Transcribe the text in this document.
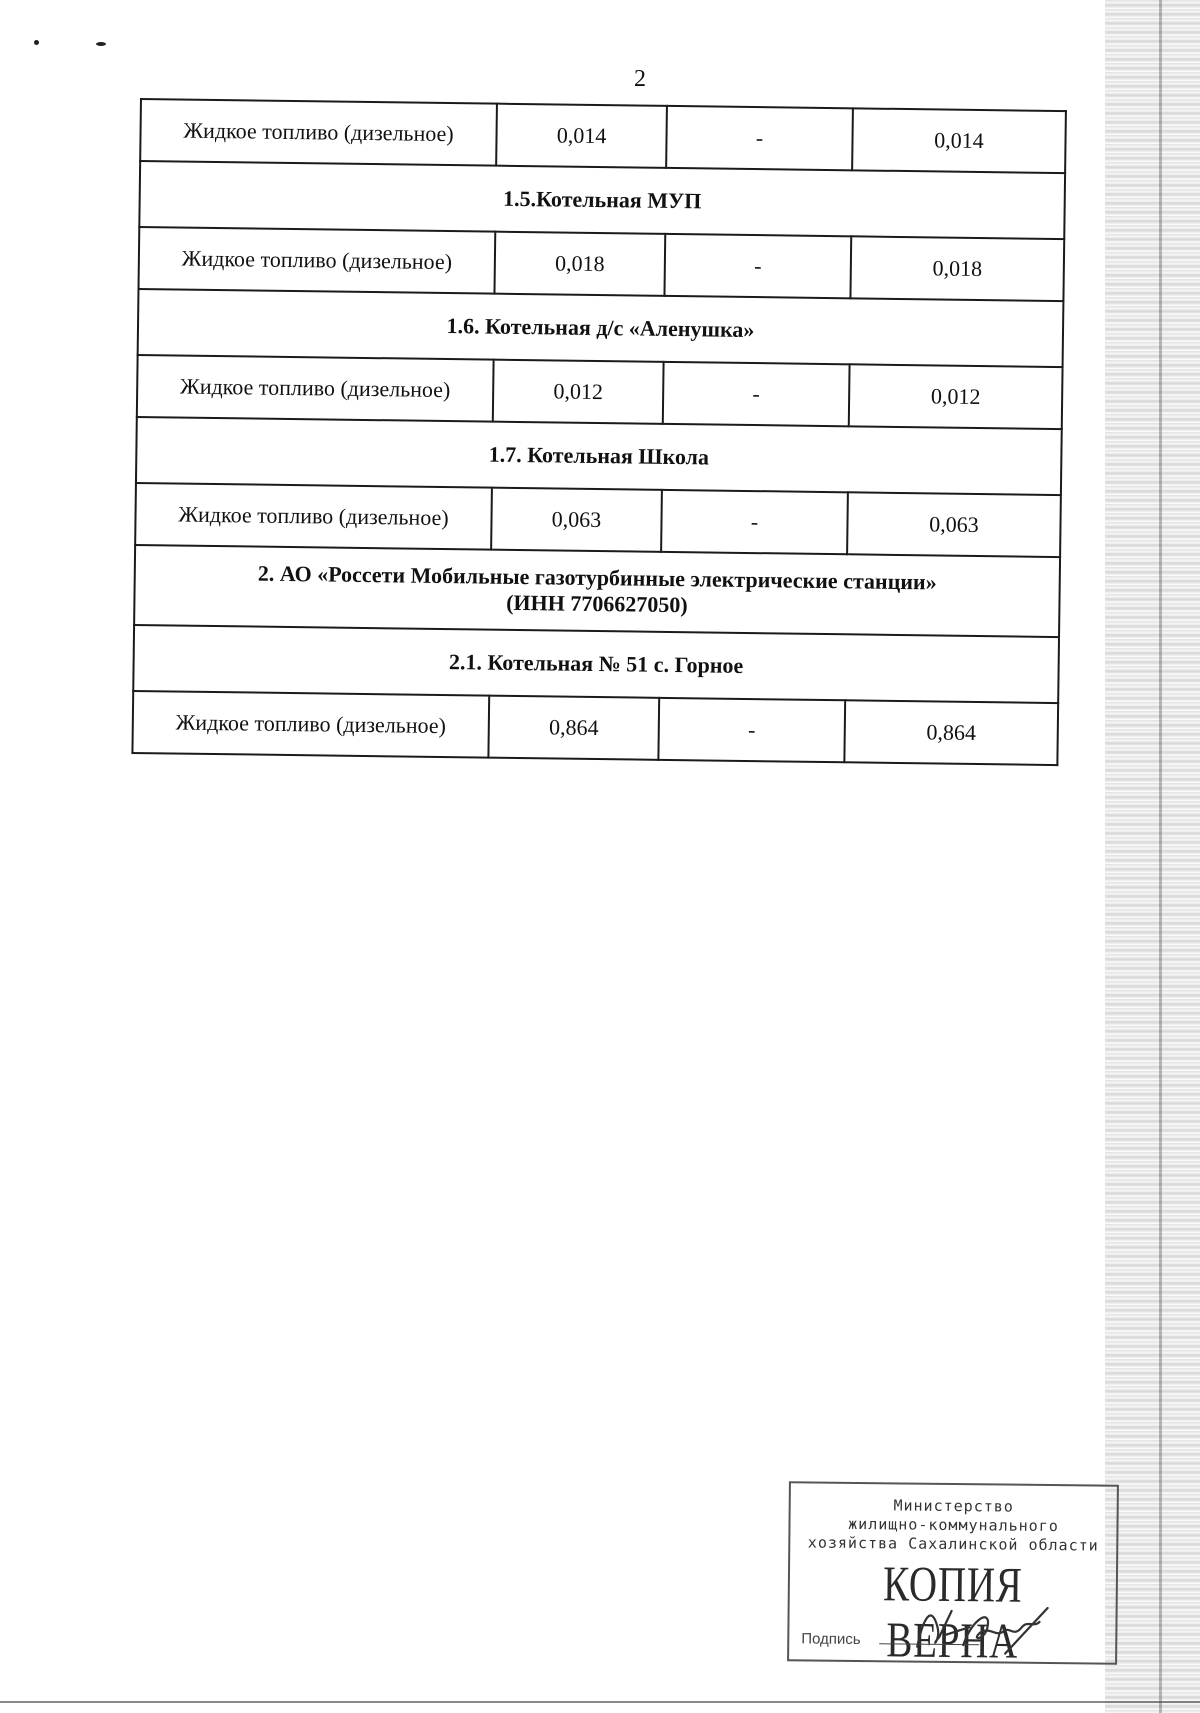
2
Жидкое топливо (дизельное)	0,014	-	0,014
1.5.Котельная МУП			
Жидкое топливо (дизельное)	0,018	-	0,018
1.6. Котельная д/с «Аленушка»			
Жидкое топливо (дизельное)	0,012	-	0,012
1.7. Котельная Школа			
Жидкое топливо (дизельное)	0,063	-	0,063

2. АО «Россети Мобильные газотурбинные электрические станции»
(ИНН 7706627050)			

2.1. Котельная № 51 с. Горное			
Жидкое топливо (дизельное)	0,864	-	0,864
Министерство
жилищно-коммунального
хозяйства Сахалинской области
КОПИЯ ВЕРНА
Подпись
